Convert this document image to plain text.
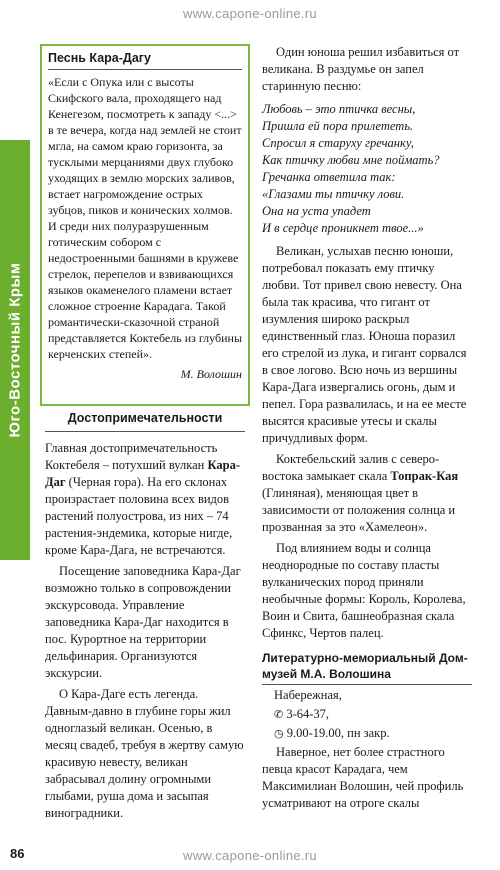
www.capone-online.ru
Юго-Восточный Крым
Песнь Кара-Дагу

«Если с Опука или с высоты Скифского вала, проходящего над Кенегезом, посмотреть к западу <...> в те вечера, когда над землей не стоит мгла, на самом краю горизонта, за тусклыми мерцаниями двух глубоко уходящих в землю морских заливов, встает нагромождение острых зубцов, пиков и конических холмов. И среди них полуразрушенным готическим собором с недостроенными башнями в кружеве стрелок, перепелов и взвивающихся языков окаменелого пламени встает сложное строение Карадага. Такой романтически-сказочной страной представляется Коктебель из глубины керченских степей».

М. Волошин
Достопримечательности

Главная достопримечательность Коктебеля – потухший вулкан Кара-Даг (Черная гора). На его склонах произрастает половина всех видов растений полуострова, из них – 74 растения-эндемика, которые нигде, кроме Кара-Дага, не встречаются.

Посещение заповедника Кара-Даг возможно только в сопровождении экскурсовода. Управление заповедника Кара-Даг находится в пос. Курортное на территории дельфинария. Организуются экскурсии.

О Кара-Даге есть легенда. Давным-давно в глубине горы жил одноглазый великан. Осенью, в месяц свадеб, требуя в жертву самую красивую невесту, великан забрасывал долину огромными глыбами, руша дома и засыпая виноградники.

Один юноша решил избавиться от великана. В раздумье он запел старинную песню:

Любовь – это птичка весны,
Пришла ей пора прилететь.
Спросил я старуху гречанку,
Как птичку любви мне поймать?
Гречанка ответила так:
«Глазами ты птичку лови.
Она на уста упадет
И в сердце проникнет твое...»

Великан, услыхав песню юноши, потребовал показать ему птичку любви. Тот привел свою невесту. Она была так красива, что гигант от изумления широко раскрыл единственный глаз. Юноша поразил его стрелой из лука, и гигант сорвался в свое логово. Всю ночь из вершины Кара-Дага извергались огонь, дым и пепел. Гора развалилась, и на ее месте высятся красивые утесы и скалы причудливых форм.

Коктебельский залив с северо-востока замыкает скала Топрак-Кая (Глиняная), меняющая цвет в зависимости от положения солнца и прозванная за это «Хамелеон».

Под влиянием воды и солнца неоднородные по составу пласты вулканических пород приняли необычные формы: Король, Королева, Воин и Свита, башнеобразная скала Сфинкс, Чертов палец.

Литературно-мемориальный Дом-музей М.А. Волошина
Набережная,
✆ 3-64-37,
◷ 9.00-19.00, пн закр.

Наверное, нет более страстного певца красот Карадага, чем Максимилиан Волошин, чей профиль усматривают на отроге скалы

86	www.capone-online.ru
